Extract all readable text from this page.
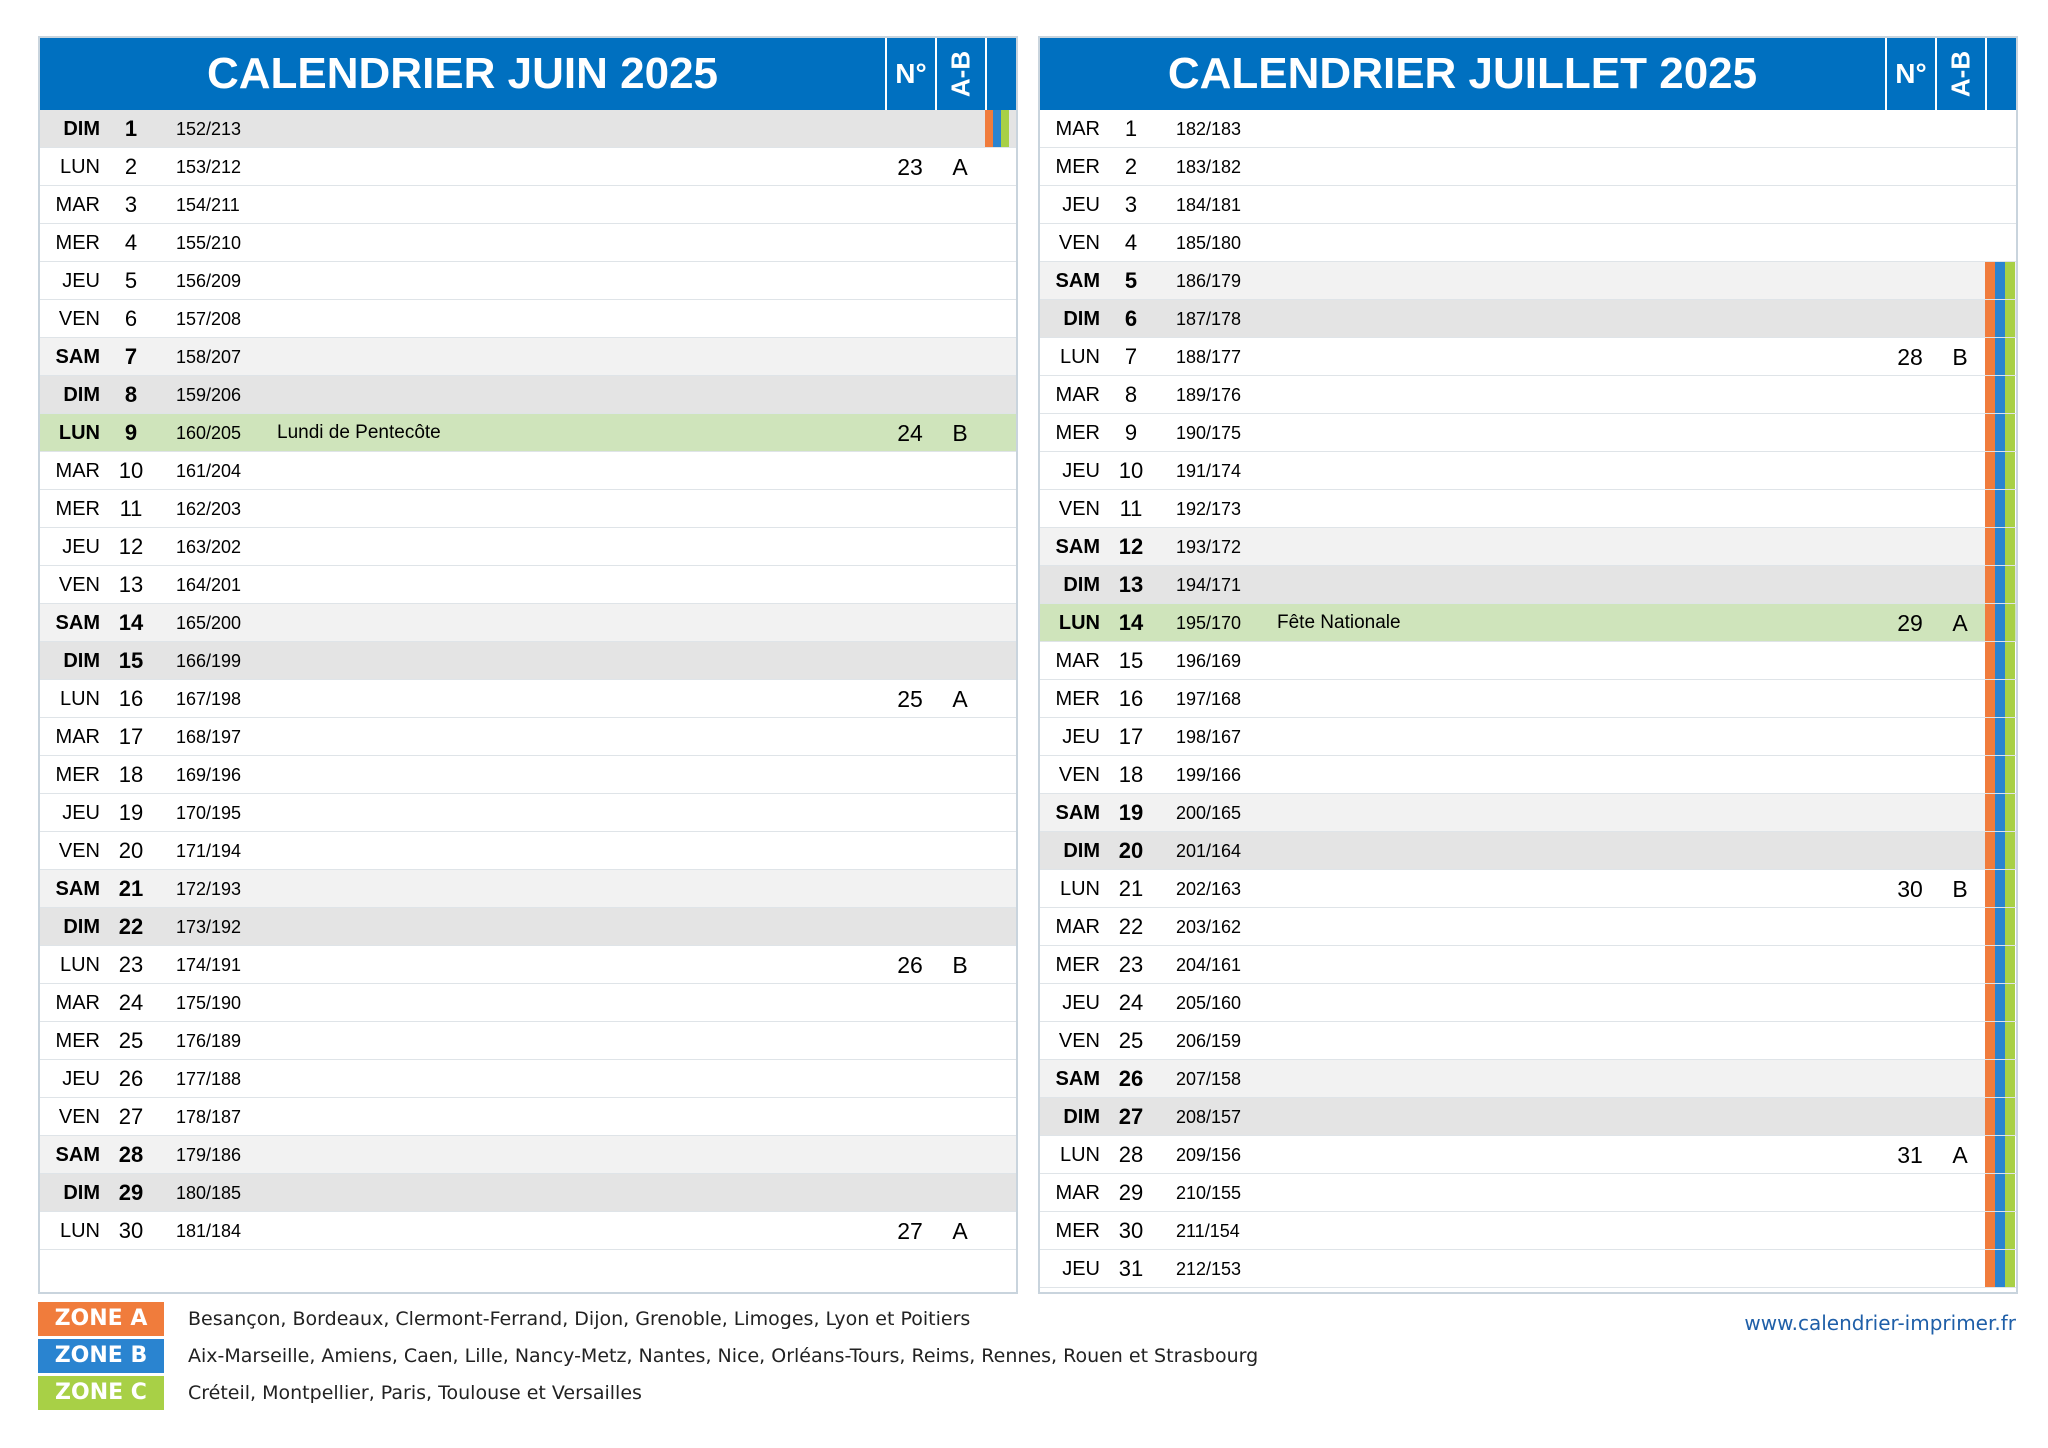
CALENDRIER JUIN 2025	N° A-B
DIM	1	152/213
LUN	2	153/212	23	A
MAR	3	154/211
MER	4	155/210
JEU	5	156/209
VEN	6	157/208
SAM	7	158/207
DIM	8	159/206
LUN	9	160/205 Lundi de Pentecôte	24	B
MAR 10	161/204
MER 11	162/203
JEU 12	163/202
VEN 13	164/201
SAM 14	165/200
DIM 15	166/199
LUN 16	167/198	25	A
MAR 17	168/197
MER 18	169/196
JEU 19	170/195
VEN 20	171/194
SAM 21	172/193
DIM 22	173/192
LUN 23	174/191	26	B
MAR 24	175/190
MER 25	176/189
JEU 26	177/188
VEN 27	178/187
SAM 28	179/186
DIM 29	180/185
LUN 30	181/184	27	A
CALENDRIER JUILLET 2025	N° A-B
MAR	1	182/183
MER	2	183/182
JEU	3	184/181
VEN	4	185/180
SAM	5	186/179
DIM	6	187/178
LUN	7	188/177	28	B
MAR	8	189/176
MER	9	190/175
JEU 10	191/174
VEN 11	192/173
SAM 12	193/172
DIM 13	194/171
LUN 14	195/170 Fête Nationale	29	A
MAR 15	196/169
MER 16	197/168
JEU 17	198/167
VEN 18	199/166
SAM 19	200/165
DIM 20	201/164
LUN 21	202/163	30	B
MAR 22	203/162
MER 23	204/161
JEU 24	205/160
VEN 25	206/159
SAM 26	207/158
DIM 27	208/157
LUN 28	209/156	31	A
MAR 29	210/155
MER 30	211/154
JEU 31	212/153
ZONE A	Besançon, Bordeaux, Clermont-Ferrand, Dijon, Grenoble, Limoges, Lyon et Poitiers
ZONE B	Aix-Marseille, Amiens, Caen, Lille, Nancy-Metz, Nantes, Nice, Orléans-Tours, Reims, Rennes, Rouen et Strasbourg
ZONE C	Créteil, Montpellier, Paris, Toulouse et Versailles
www.calendrier-imprimer.fr
